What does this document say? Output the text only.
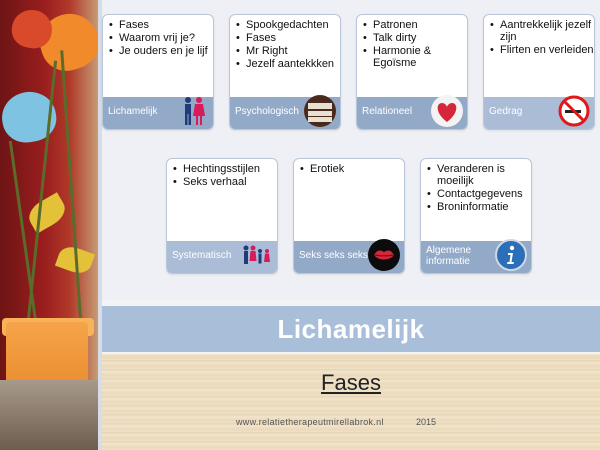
• Fases
• Waarom vrij je?
• Je ouders en je lijf
Lichamelijk
• Spookgedachten
• Fases
• Mr Right
• Jezelf aantekkken
Psychologisch
• Patronen
• Talk dirty
• Harmonie & Egoïsme
Relationeel
• Aantrekkelijk jezelf zijn
• Flirten en verleiden
Gedrag
• Hechtingsstijlen
• Seks verhaal
Systematisch
• Erotiek
Seks seks seks
• Veranderen is moeilijk
• Contactgegevens
• Broninformatie
Algemene informatie
Lichamelijk
Fases
www.relatietherapeutmirellabrok.nl	2015
